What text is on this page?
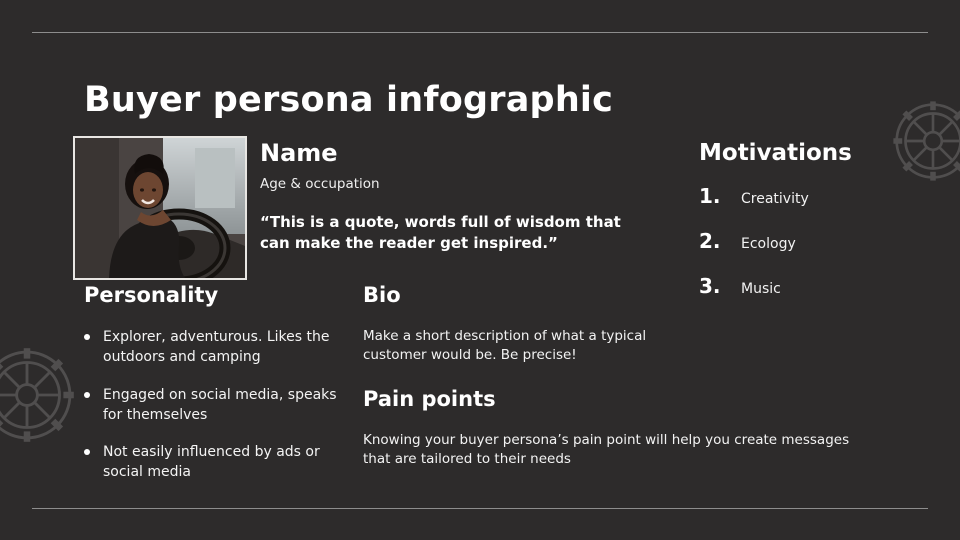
Buyer persona infographic
Name
Age & occupation
“This is a quote, words full of wisdom that can make the reader get inspired.”
Motivations
1.	Creativity
2.	Ecology
3.	Music
Personality
Explorer, adventurous. Likes the outdoors and camping
Engaged on social media, speaks for themselves
Not easily influenced by ads or social media
Bio
Make a short description of what a typical customer would be. Be precise!
Pain points
Knowing your buyer persona’s pain point will help you create messages that are tailored to their needs
